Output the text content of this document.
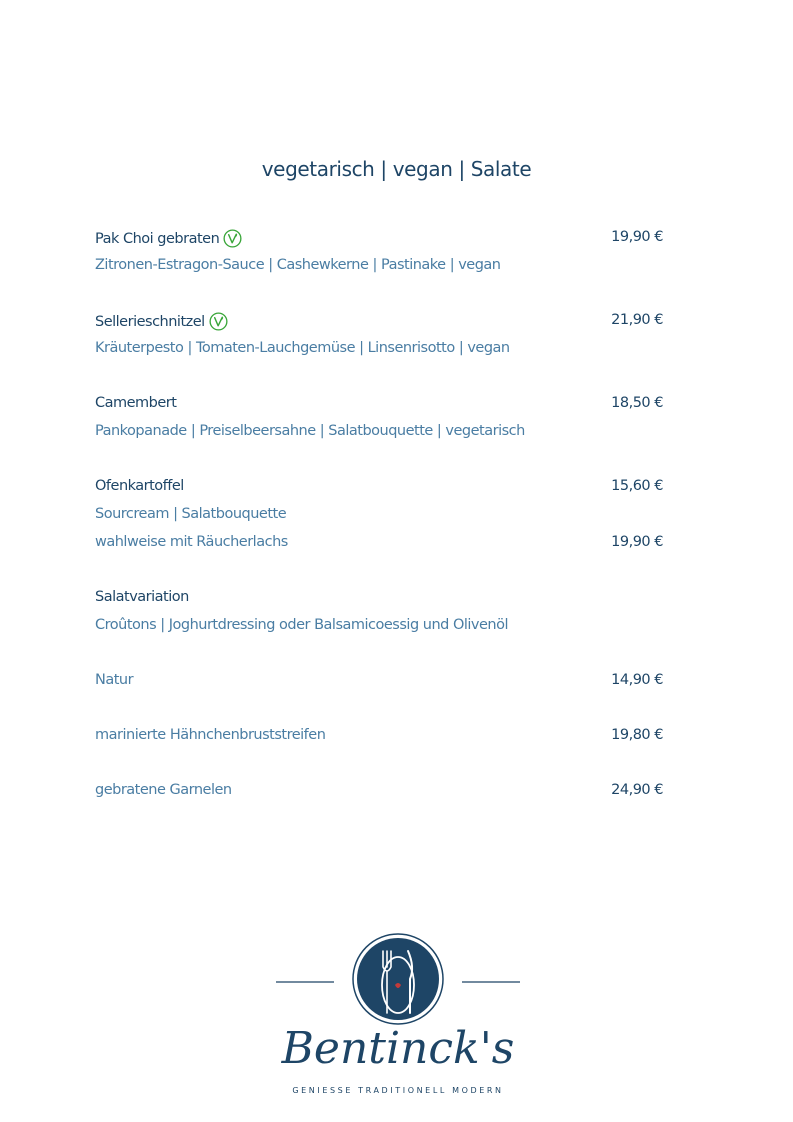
vegetarisch | vegan | Salate
Pak Choi gebraten	19,90 €
Zitronen-Estragon-Sauce | Cashewkerne | Pastinake | vegan
Sellerieschnitzel	21,90 €
Kräuterpesto | Tomaten-Lauchgemüse | Linsenrisotto | vegan
Camembert	18,50 €
Pankopanade | Preiselbeersahne | Salatbouquette | vegetarisch
Ofenkartoffel	15,60 €
Sourcream | Salatbouquette
wahlweise mit Räucherlachs	19,90 €
Salatvariation
Croûtons | Joghurtdressing oder Balsamicoessig und Olivenöl
Natur	14,90 €
marinierte Hähnchenbruststreifen	19,80 €
gebratene Garnelen	24,90 €
Bentinck's
GENIESSE TRADITIONELL MODERN
